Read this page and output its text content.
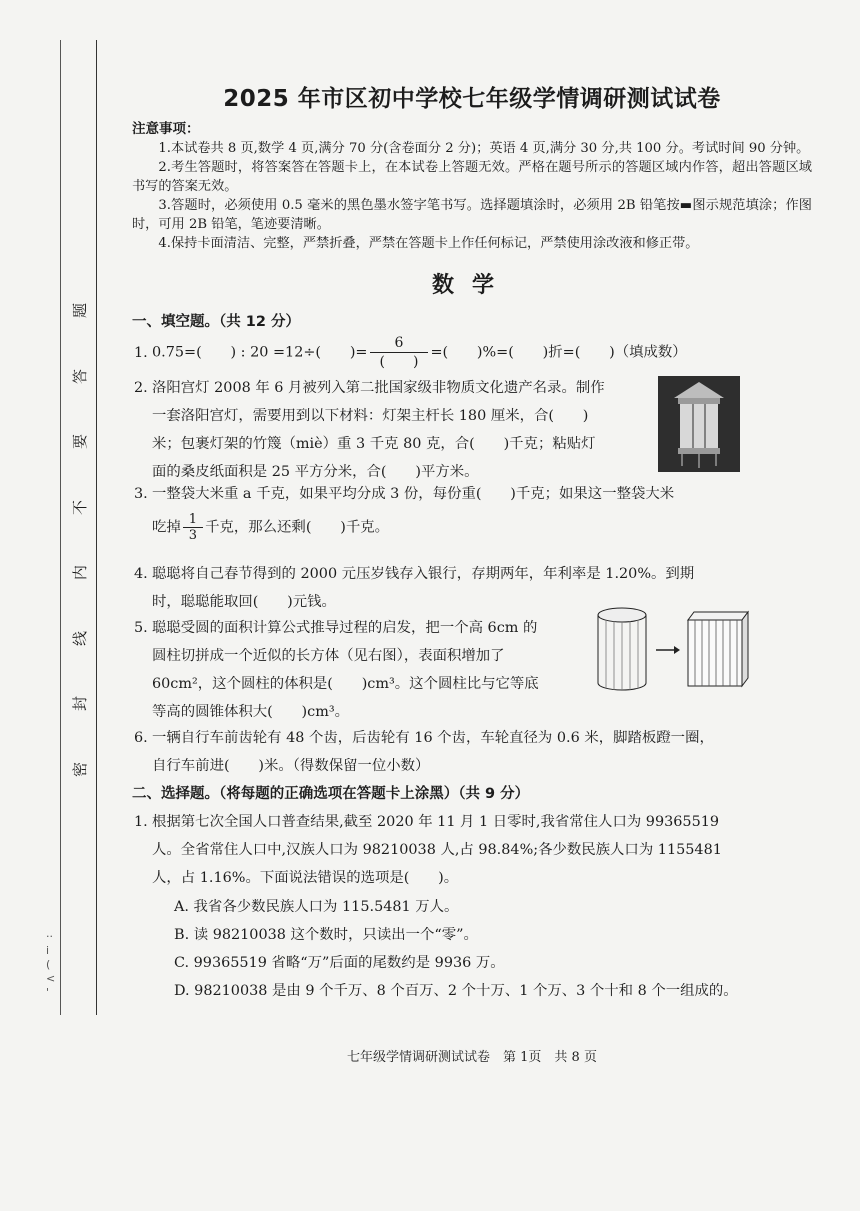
题
答
要
不
内
线
封
密
··
i
(
<
'
2025 年市区初中学校七年级学情调研测试试卷
注意事项：

1.本试卷共 8 页,数学 4 页,满分 70 分(含卷面分 2 分)；英语 4 页,满分 30 分,共 100 分。考试时间 90 分钟。

2.考生答题时，将答案答在答题卡上，在本试卷上答题无效。严格在题号所示的答题区域内作答，超出答题区域书写的答案无效。

3.答题时，必须使用 0.5 毫米的黑色墨水签字笔书写。选择题填涂时，必须用 2B 铅笔按▬图示规范填涂；作图时，可用 2B 铅笔，笔迹要清晰。

4.保持卡面清洁、完整，严禁折叠，严禁在答题卡上作任何标记，严禁使用涂改液和修正带。

数学
一、填空题。（共 12 分）
1. 0.75=(　　) : 20 =12÷(　　)= $\frac{6}{( )}$ =(　　)%=(　　)折=(　　)（填成数）
2. 洛阳宫灯 2008 年 6 月被列入第二批国家级非物质文化遗产名录。制作
一套洛阳宫灯，需要用到以下材料：灯架主杆长 180 厘米，合(　　)
米；包裹灯架的竹篾（miè）重 3 千克 80 克，合(　　)千克；粘贴灯
面的桑皮纸面积是 25 平方分米，合(　　)平方米。
3. 一整袋大米重 a 千克，如果平均分成 3 份，每份重(　　)千克；如果这一整袋大米
吃掉 $\frac{1}{3}$ 千克，那么还剩(　　)千克。
4. 聪聪将自己春节得到的 2000 元压岁钱存入银行，存期两年，年利率是 1.20%。到期
时，聪聪能取回(　　)元钱。
5. 聪聪受圆的面积计算公式推导过程的启发，把一个高 6cm 的
圆柱切拼成一个近似的长方体（见右图），表面积增加了
60cm²，这个圆柱的体积是(　　)cm³。这个圆柱比与它等底
等高的圆锥体积大(　　)cm³。
6. 一辆自行车前齿轮有 48 个齿，后齿轮有 16 个齿，车轮直径为 0.6 米，脚踏板蹬一圈，
自行车前进(　　)米。（得数保留一位小数）
二、选择题。（将每题的正确选项在答题卡上涂黑）（共 9 分）
1. 根据第七次全国人口普查结果,截至 2020 年 11 月 1 日零时,我省常住人口为 99365519
人。全省常住人口中,汉族人口为 98210038 人,占 98.84%;各少数民族人口为 1155481
人，占 1.16%。下面说法错误的选项是(　　)。
A. 我省各少数民族人口为 115.5481 万人。
B. 读 98210038 这个数时，只读出一个“零”。
C. 99365519 省略“万”后面的尾数约是 9936 万。
D. 98210038 是由 9 个千万、8 个百万、2 个十万、1 个万、3 个十和 8 个一组成的。
七年级学情调研测试试卷　第 1页　共 8 页
